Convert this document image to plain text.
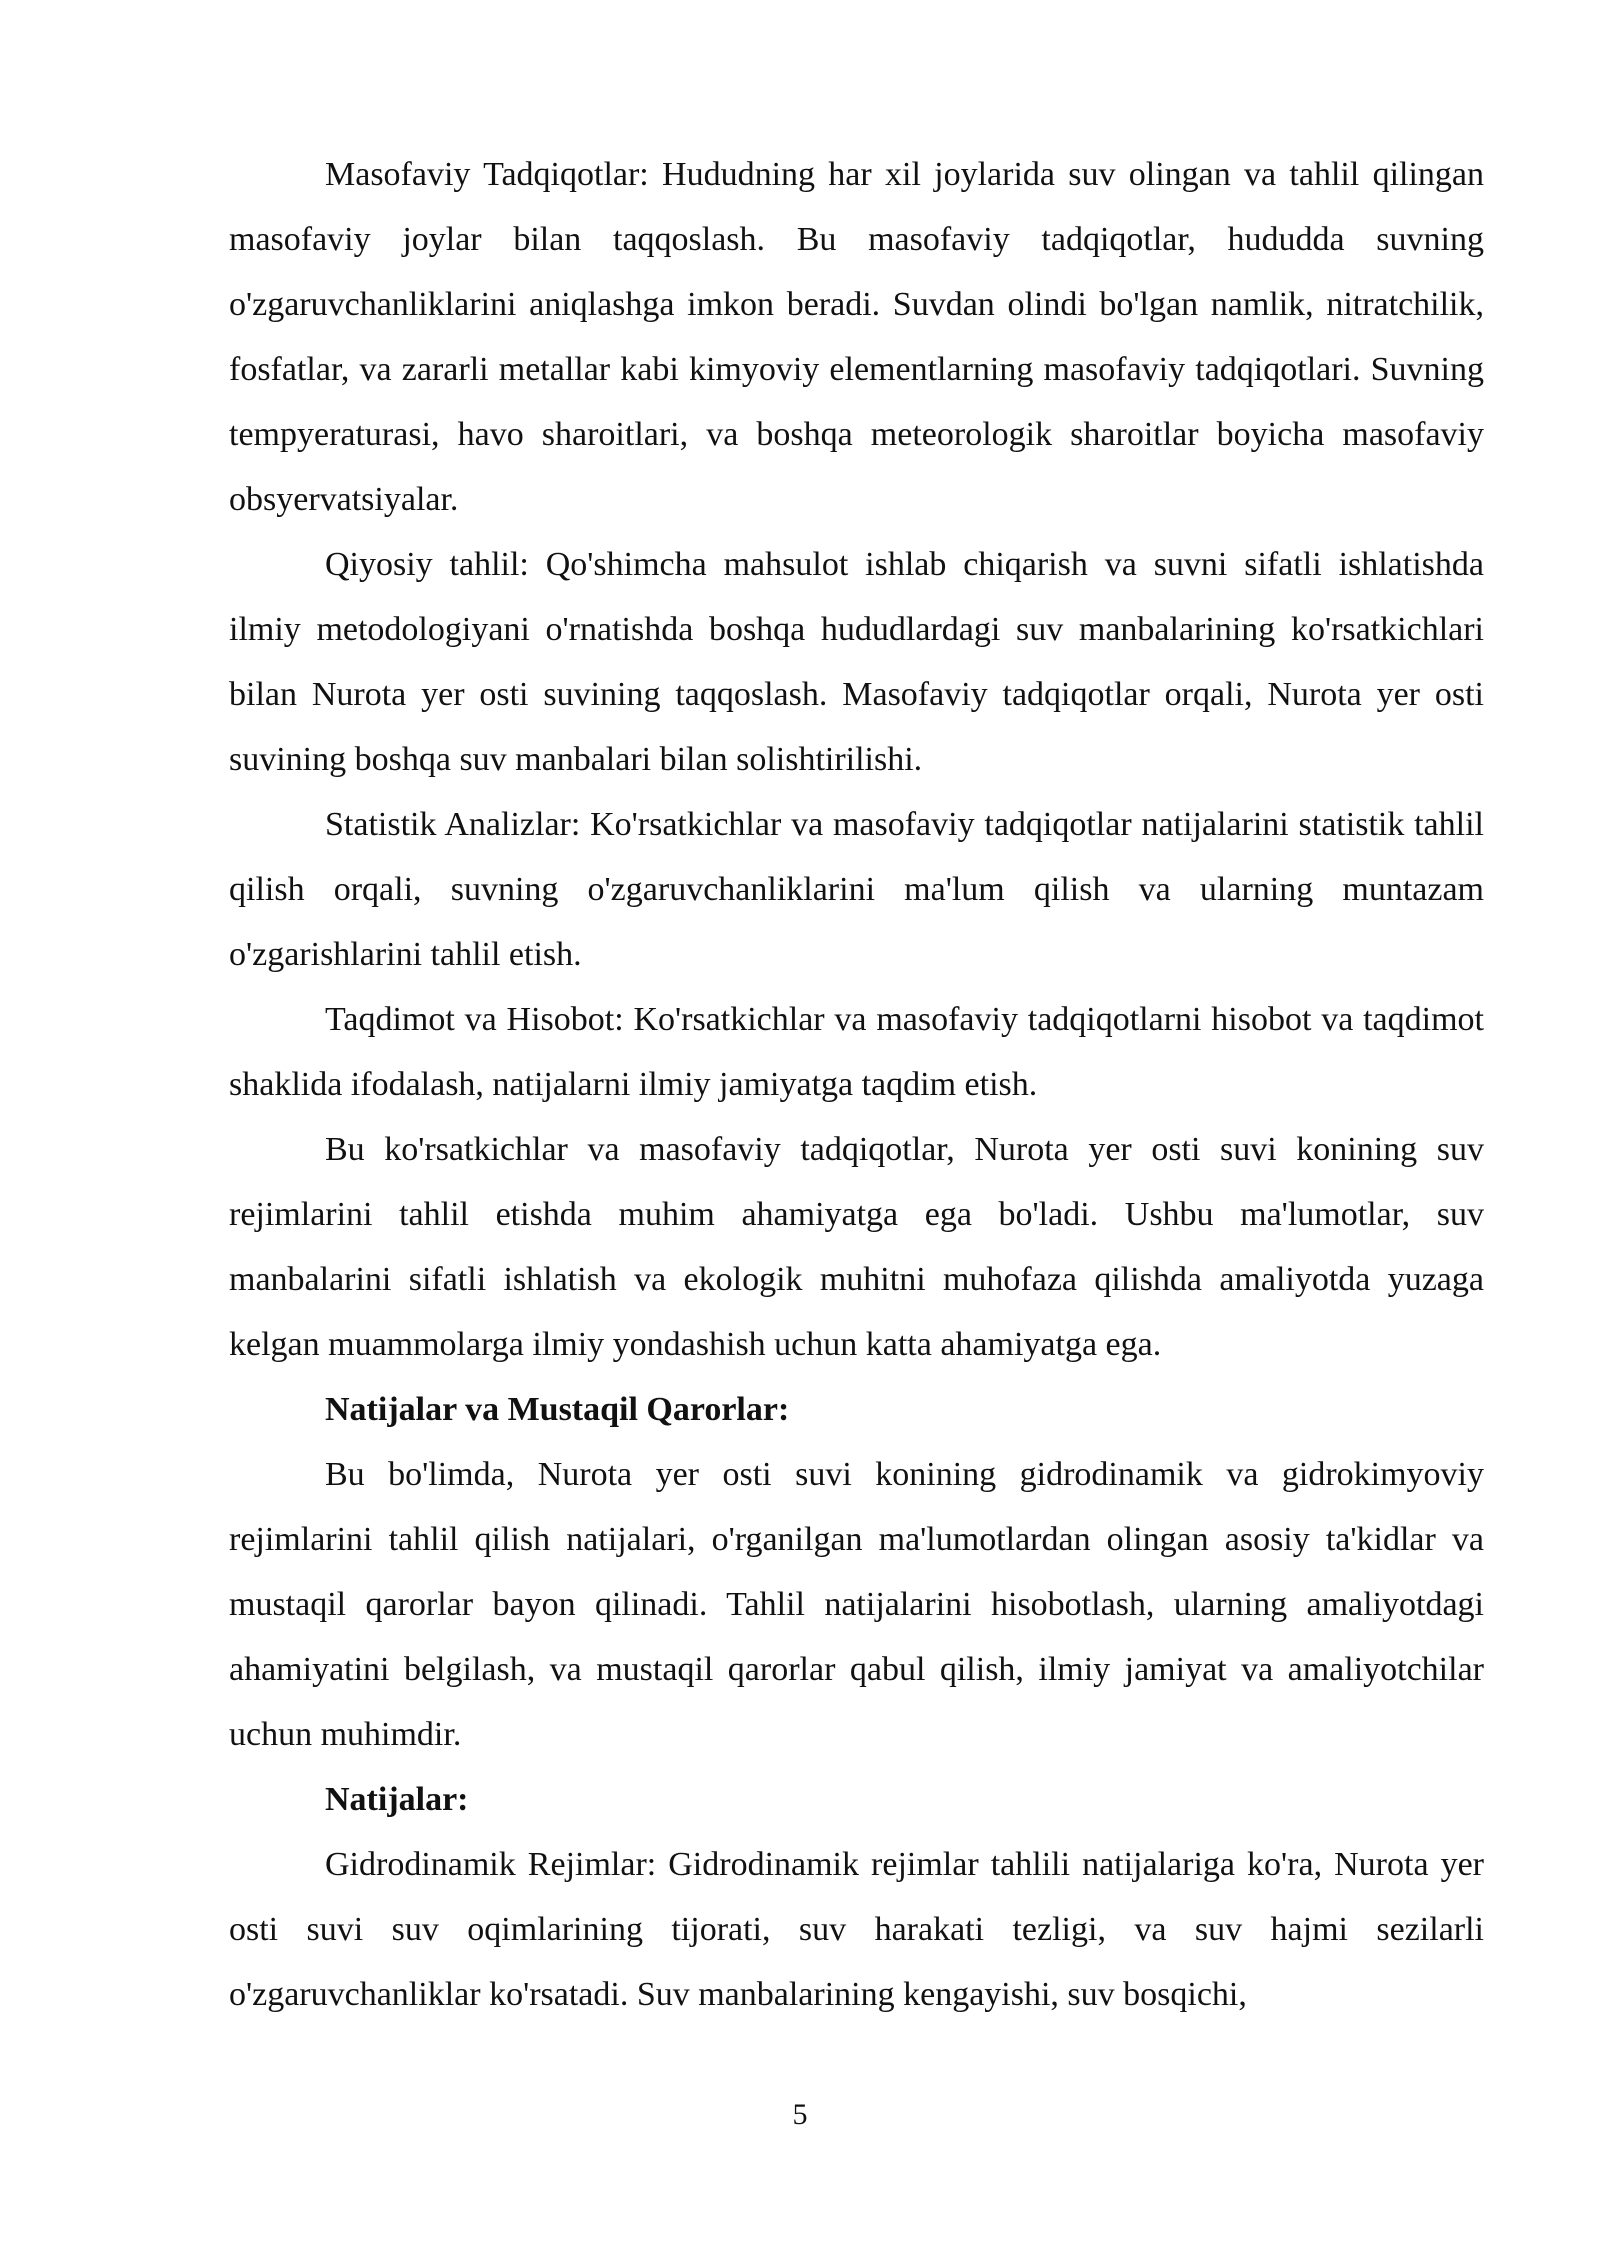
Masofaviy Tadqiqotlar: Hududning har xil joylarida suv olingan va tahlil qilingan masofaviy joylar bilan taqqoslash. Bu masofaviy tadqiqotlar, hududda suvning o'zgaruvchanliklarini aniqlashga imkon beradi. Suvdan olindi bo'lgan namlik, nitratchilik, fosfatlar, va zararli metallar kabi kimyoviy elementlarning masofaviy tadqiqotlari. Suvning tempyeraturasi, havo sharoitlari, va boshqa meteorologik sharoitlar boyicha masofaviy obsyervatsiyalar.

Qiyosiy tahlil: Qo'shimcha mahsulot ishlab chiqarish va suvni sifatli ishlatishda ilmiy metodologiyani o'rnatishda boshqa hududlardagi suv manbalarining ko'rsatkichlari bilan Nurota yer osti suvining taqqoslash. Masofaviy tadqiqotlar orqali, Nurota yer osti suvining boshqa suv manbalari bilan solishtirilishi.

Statistik Analizlar: Ko'rsatkichlar va masofaviy tadqiqotlar natijalarini statistik tahlil qilish orqali, suvning o'zgaruvchanliklarini ma'lum qilish va ularning muntazam o'zgarishlarini tahlil etish.

Taqdimot va Hisobot: Ko'rsatkichlar va masofaviy tadqiqotlarni hisobot va taqdimot shaklida ifodalash, natijalarni ilmiy jamiyatga taqdim etish.

Bu ko'rsatkichlar va masofaviy tadqiqotlar, Nurota yer osti suvi konining suv rejimlarini tahlil etishda muhim ahamiyatga ega bo'ladi. Ushbu ma'lumotlar, suv manbalarini sifatli ishlatish va ekologik muhitni muhofaza qilishda amaliyotda yuzaga kelgan muammolarga ilmiy yondashish uchun katta ahamiyatga ega.

Natijalar va Mustaqil Qarorlar:

Bu bo'limda, Nurota yer osti suvi konining gidrodinamik va gidrokimyoviy rejimlarini tahlil qilish natijalari, o'rganilgan ma'lumotlardan olingan asosiy ta'kidlar va mustaqil qarorlar bayon qilinadi. Tahlil natijalarini hisobotlash, ularning amaliyotdagi ahamiyatini belgilash, va mustaqil qarorlar qabul qilish, ilmiy jamiyat va amaliyotchilar uchun muhimdir.

Natijalar:

Gidrodinamik Rejimlar: Gidrodinamik rejimlar tahlili natijalariga ko'ra, Nurota yer osti suvi suv oqimlarining tijorati, suv harakati tezligi, va suv hajmi sezilarli o'zgaruvchanliklar ko'rsatadi. Suv manbalarining kengayishi, suv bosqichi,

5
